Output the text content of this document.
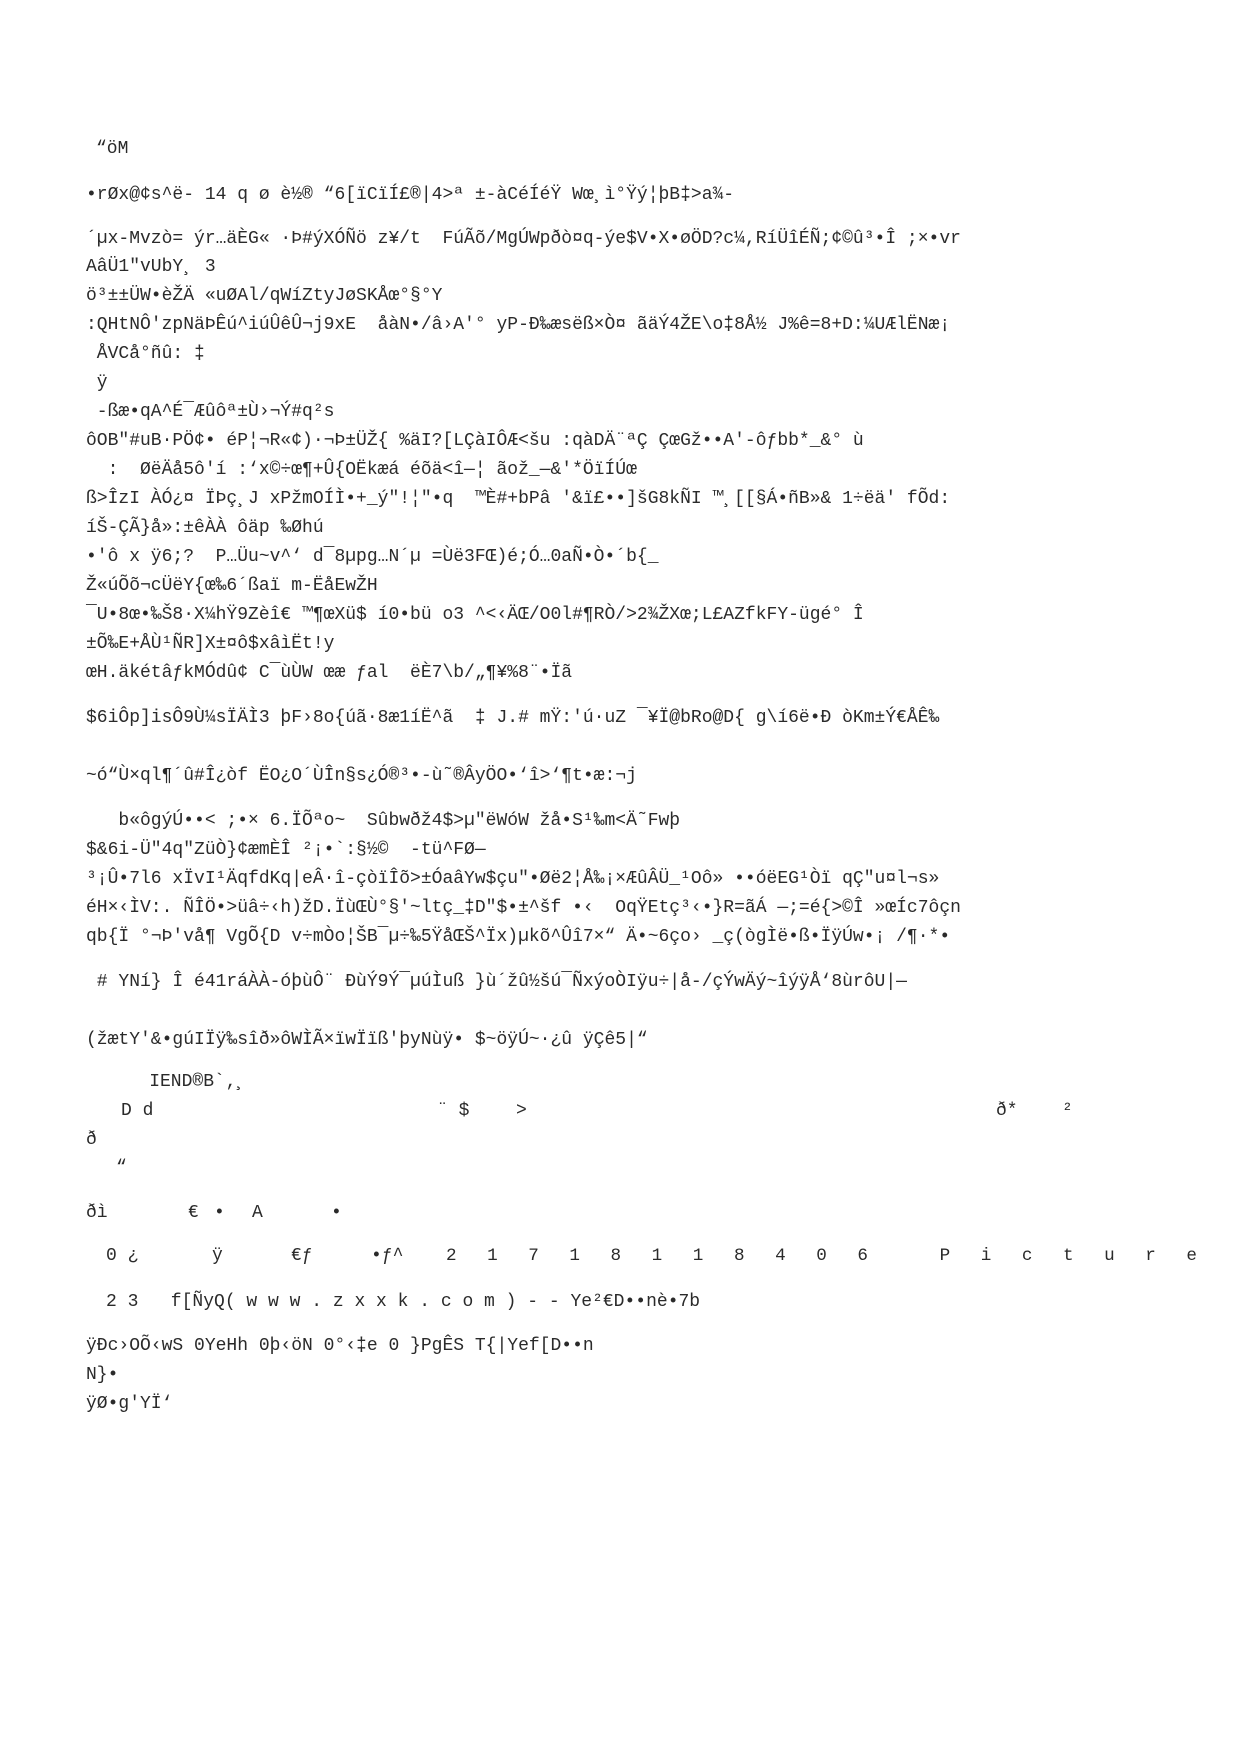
“öM
•rØx@¢s^ë- 14 q ø è½® “6[ïCïÍ£®|4>ª ±-àCéÍéŸ Wœ¸ì°Ÿý¦þB‡>a¾-
´µx-Mvzò= ýr…äÈG« ·Þ#ýXÓÑö z¥/t  FúÃõ/MgÚWpðò¤q-ýe$V•X•øÖD?c¼,RíÜîÉÑ;¢©û³•Î ;×•vr
AâÜ1"vUbY¸ 3
ö³±±ÜW•èŽÄ «uØAl/qWíZtyJøSKÅœ°§°Y
:QHtNÔ'zpNäÞÊú^iúÛêÛ¬j9xE  åàN•/â›A'° yP-Ð‰æsëß×Ò¤ ãäÝ4ŽE\o‡8Å½ J%ê=8+D:¼UÆlËNæ¡
ÅVCå°ñû: ‡
ÿ
-ßæ•qA^É¯Æûôª±Ù›¬Ý#q²s
ôOB"#uB·PÖ¢• éP¦¬R«¢)·¬Þ±ÜŽ{ %äI?[LÇàIÔÆ<šu :qàDÄ¨ªÇ ÇœGž••A'-ôƒbb*_&° ù
:  ØëÄå5ô'í :‘x©÷œ¶+Û{OËkæá éõä<î—¦ ãož_—&'*ÖïÍÚœ
ß>ÎzI ÀÓ¿¤ ÏÞç¸J xPžmOÍÌ•+_ý"!¦"•q  ™È#+bPâ '&ï£••]šG8kÑI ™¸[[§Á•ñB»& 1÷ëä' fÕd:
íŠ-ÇÃ}å»:±êÀÀ ôäp ‰Øhú
•'ô x ÿ6;?  P…Üu~v^‘ d¯8µpg…N´µ =Ùë3FŒ)é;Ó…0aÑ•Ò•´b{_
Ž«úÕõ¬cÜëY{œ‰6´ßaï m-ËåEwŽH
¯U•8œ•‰Š8·X¼hŸ9Zèî€ ™¶œXü$ í0•bü o3 ^<‹ÄŒ/O0l#¶RÒ/>2¾ŽXœ;L£AZfkFY-ügé° Î
±Õ‰E+ÅÙ¹ÑR]X±¤ô$xâìËt!y
œH.äkétâƒkMÓdû¢ C¯ùÙW œæ ƒal  ëÈ7\b/„¶¥%8¨•Ïã
$6iÔp]isÔ9Ù¼sÏÄÌ3 þF›8o{úã·8æ1íË^ã  ‡ J.# mŸ:'ú·uZ ¯¥Ï@bRo@D{ g\í6ë•Ð òKm±Ý€ÅÊ‰
~ó“Ù×ql¶´û#Î¿òf ËO¿O´ÙÎn§s¿Ó®³•-ù˜®ÂyÖO•‘î>‘¶t•æ:¬j
b«ôgýÚ••< ;•× 6.ÏÕªo~  Sûbwðž4$>µ"ëWóW žå•S¹‰m<Ä˜Fwþ
$&6i-Ü"4q"ZüÒ}¢æmÈÎ ²¡•`:§½©  -tü^FØ—
³¡Û•7l6 xÏvI¹ÄqfdKq|eÂ·î-çòïÎõ>±ÓaâYw$çu"•Øë2¦Å‰¡×ÆûÂÜ_¹Oô» ••óëEG¹Òï qÇ"u¤l¬s»
éH×‹ÌV:. ÑÎÖ•>üâ÷‹h)žD.ÏùŒÙ°§'~ltç_‡D"$•±^šf •‹  OqŸEtç³‹•}R=ãÁ —;=é{>©Î »œÍc7ôçn
qb{Ï °¬Þ'vå¶ VgÕ{D v÷mÒo¦ŠB¯µ÷‰5ŸåŒŠ^Ïx)µkõ^Ûî7×“ Ä•~6ço› _ç(ògÌë•ß•ÏÿÚw•¡ /¶·*•
# YNí} Î é41ráÀÀ-óþùÔ¨ ÐùÝ9Ý¯µúÌuß }ù´žû½šú¯ÑxýoÒIÿu÷|å-/çÝwÄý~îýÿÅ‘8ùrôU|—
(žætY'&•gúIÏÿ‰sîð»ôWÌÃ×ïwÏïß'þyNùÿ• $~öÿÚ~·¿û ÿÇê5|“
IEND®B`‚¸
D d	¨ $	>	ð* ²
ð
“
ðì	€ • A	•
0 ¿	ÿ	€ƒ	•ƒ^ 2 1 7 1 8 1 1 8 4 0 6   P i c t u r e
2 3   f[ÑyQ( w w w . z x x k . c o m ) - - Ye²€D••nè•7b
ÿÐc›OÕ‹wS 0YeHh 0þ‹öN 0°‹‡e 0 }PgÊS T{|Yef[D••n
N}•
ÿØ•g'YÏ‘
